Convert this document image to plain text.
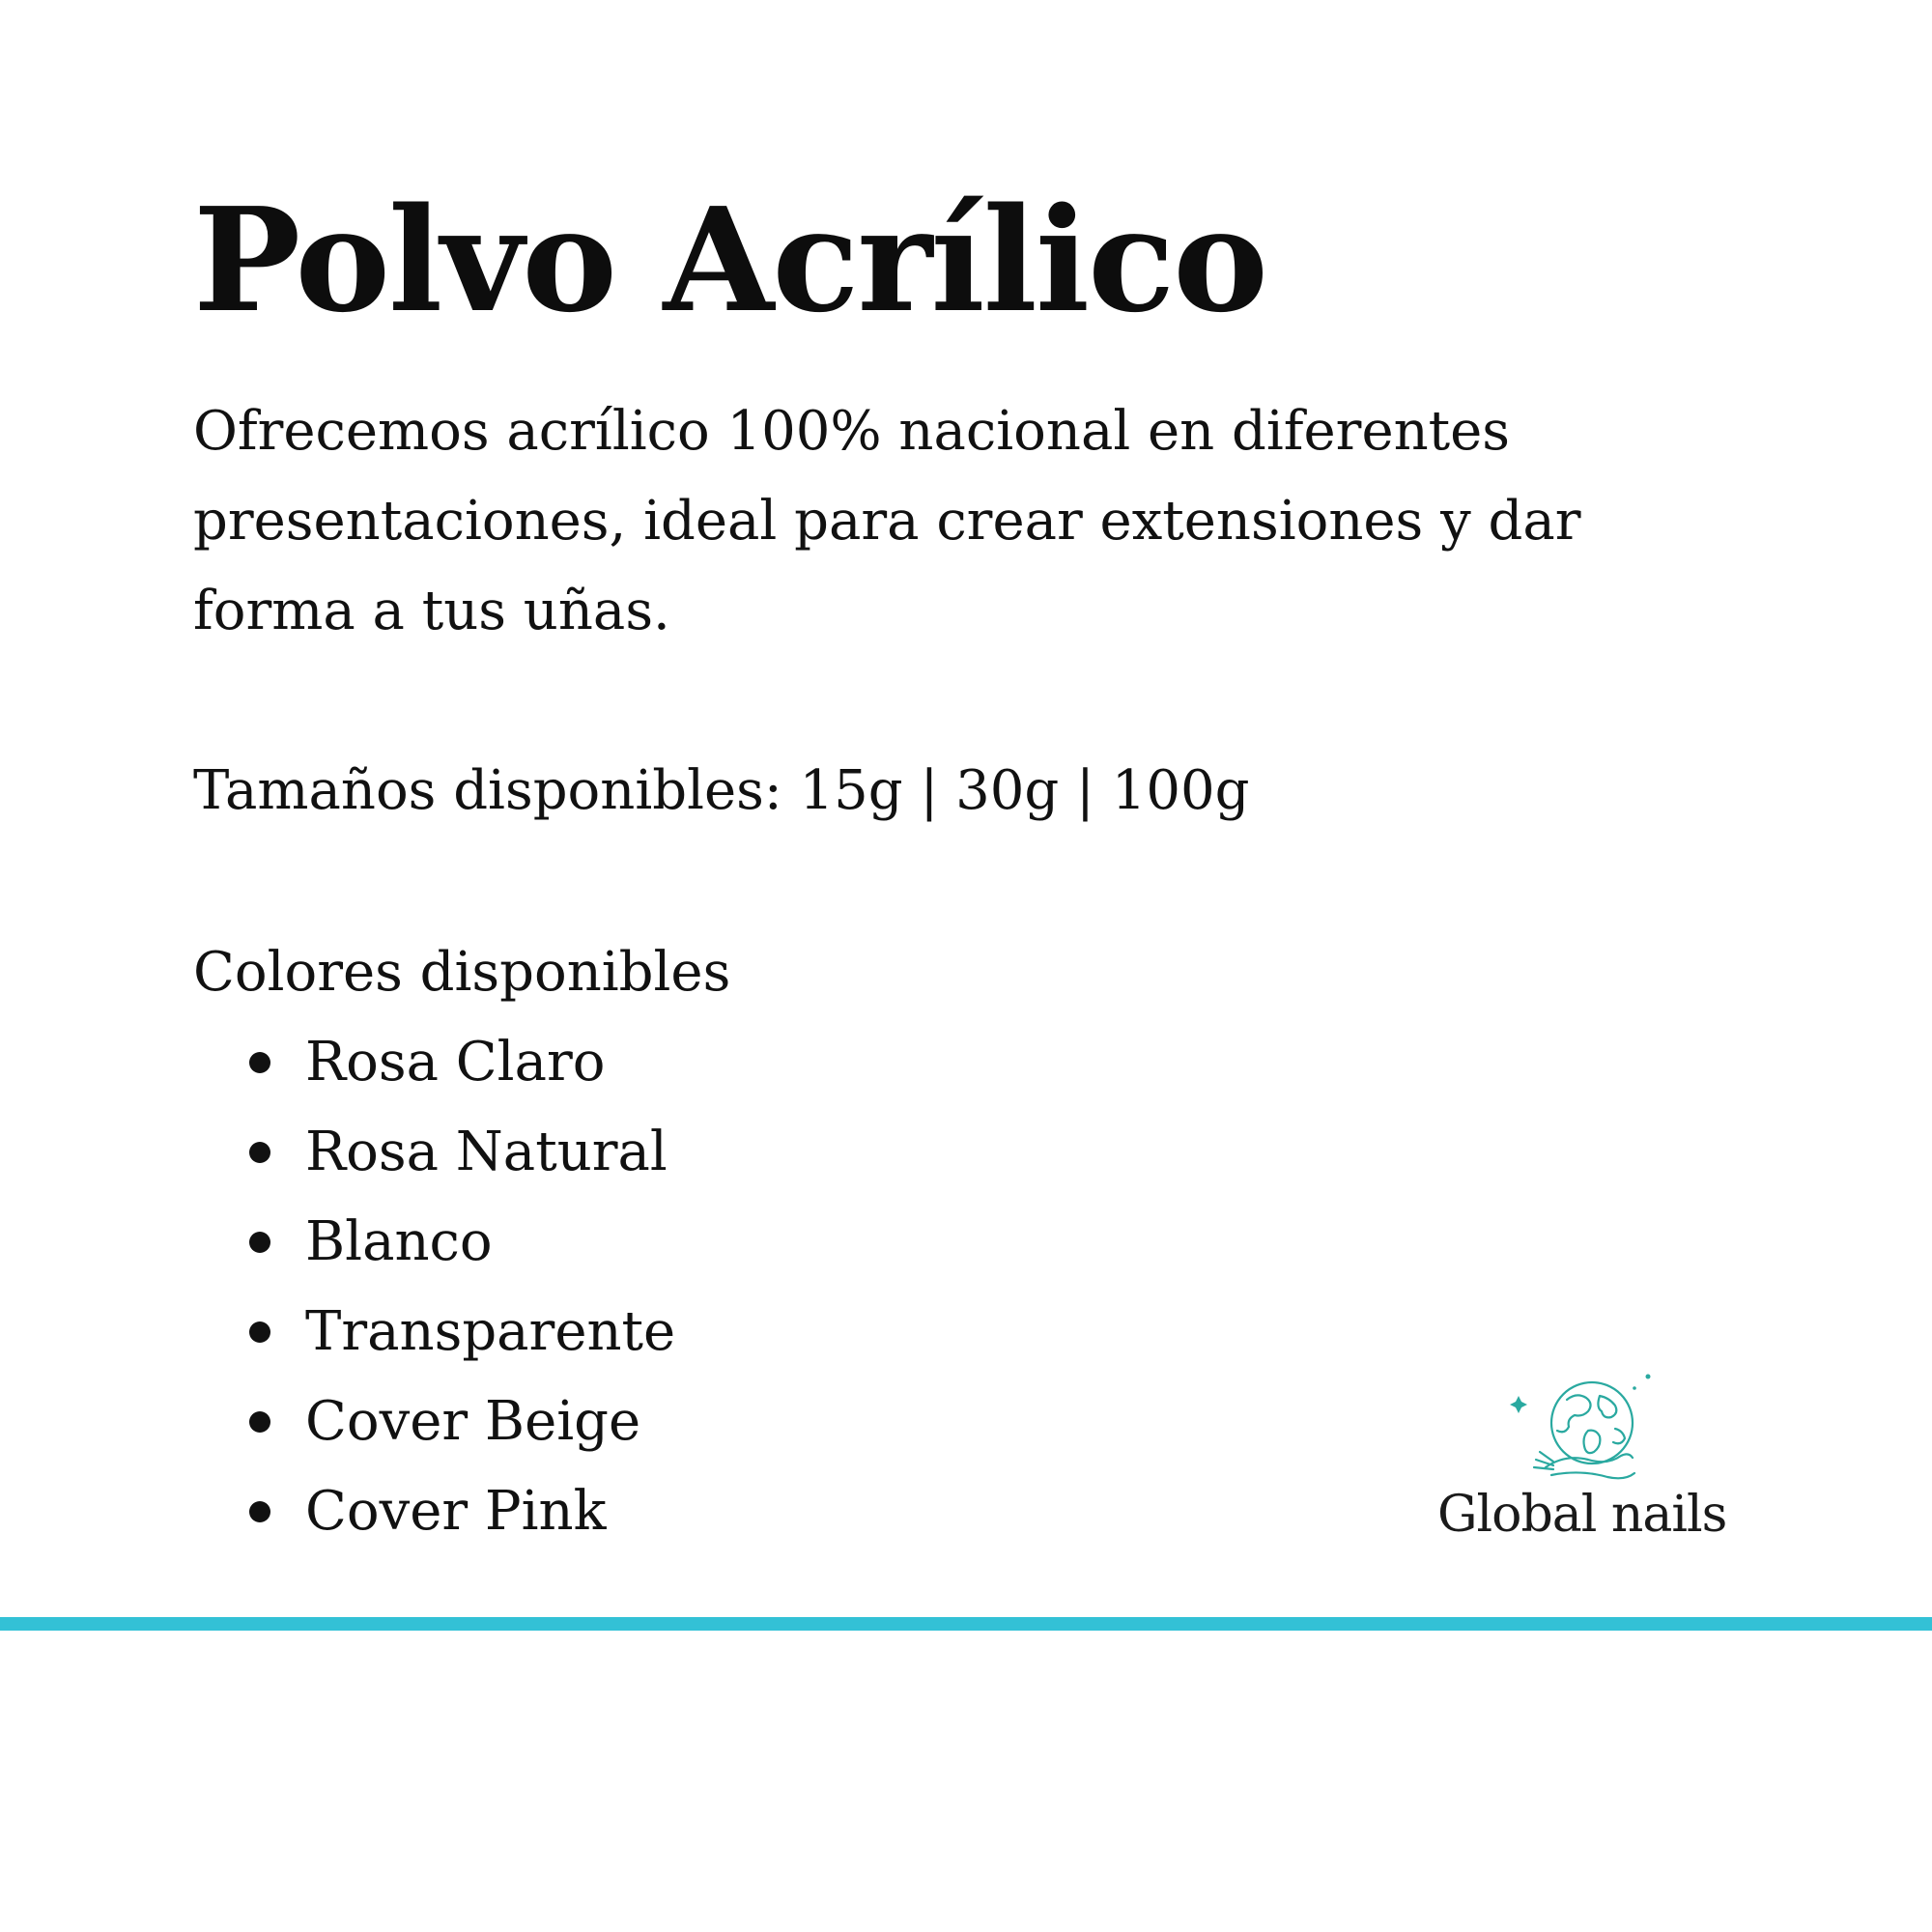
Polvo Acrílico

Ofrecemos acrílico 100% nacional en diferentes presentaciones, ideal para crear extensiones y dar forma a tus uñas.

Tamaños disponibles: 15g | 30g | 100g

Colores disponibles

Rosa Claro
Rosa Natural
Blanco
Transparente
Cover Beige
Cover Pink	Global nails
